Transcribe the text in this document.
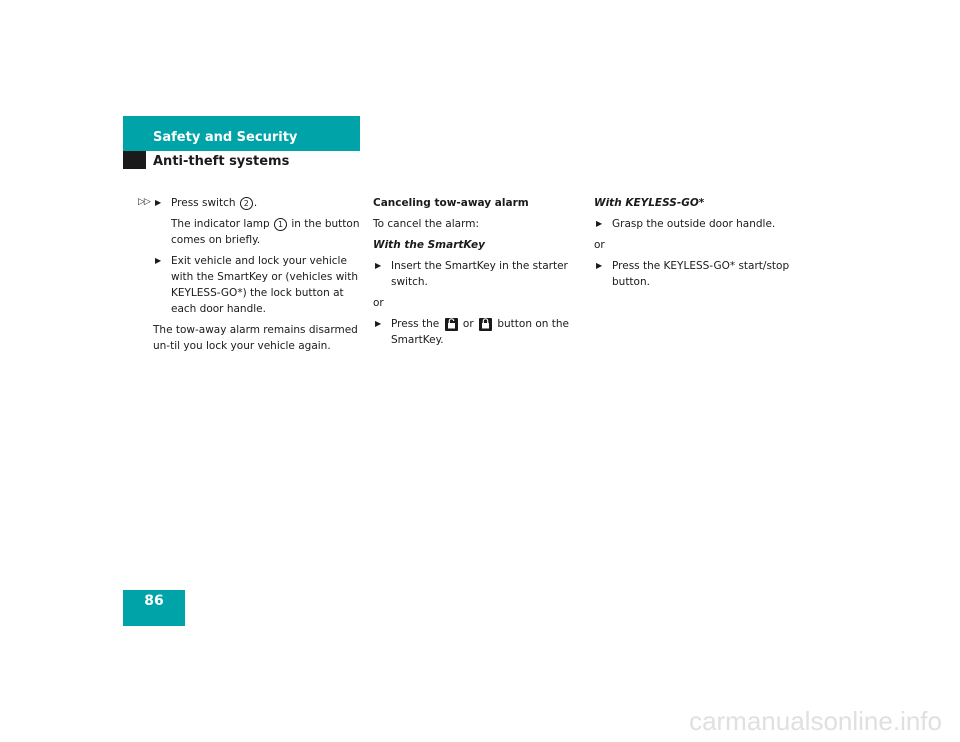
Safety and Security
Anti-theft systems
▷▷ ▶ Press switch 2 .
The indicator lamp 1 in the button comes on briefly.
▶ Exit vehicle and lock your vehicle with the SmartKey or (vehicles with KEYLESS-GO*) the lock button at each door handle.

The tow-away alarm remains disarmed un-til you lock your vehicle again.

Canceling tow-away alarm

To cancel the alarm:

With the SmartKey

▶ Insert the SmartKey in the starter switch.

or

▶ Press the or button on the SmartKey.

With KEYLESS-GO*

▶ Grasp the outside door handle.

or

▶ Press the KEYLESS-GO* start/stop button.
86
carmanualsonline.info
